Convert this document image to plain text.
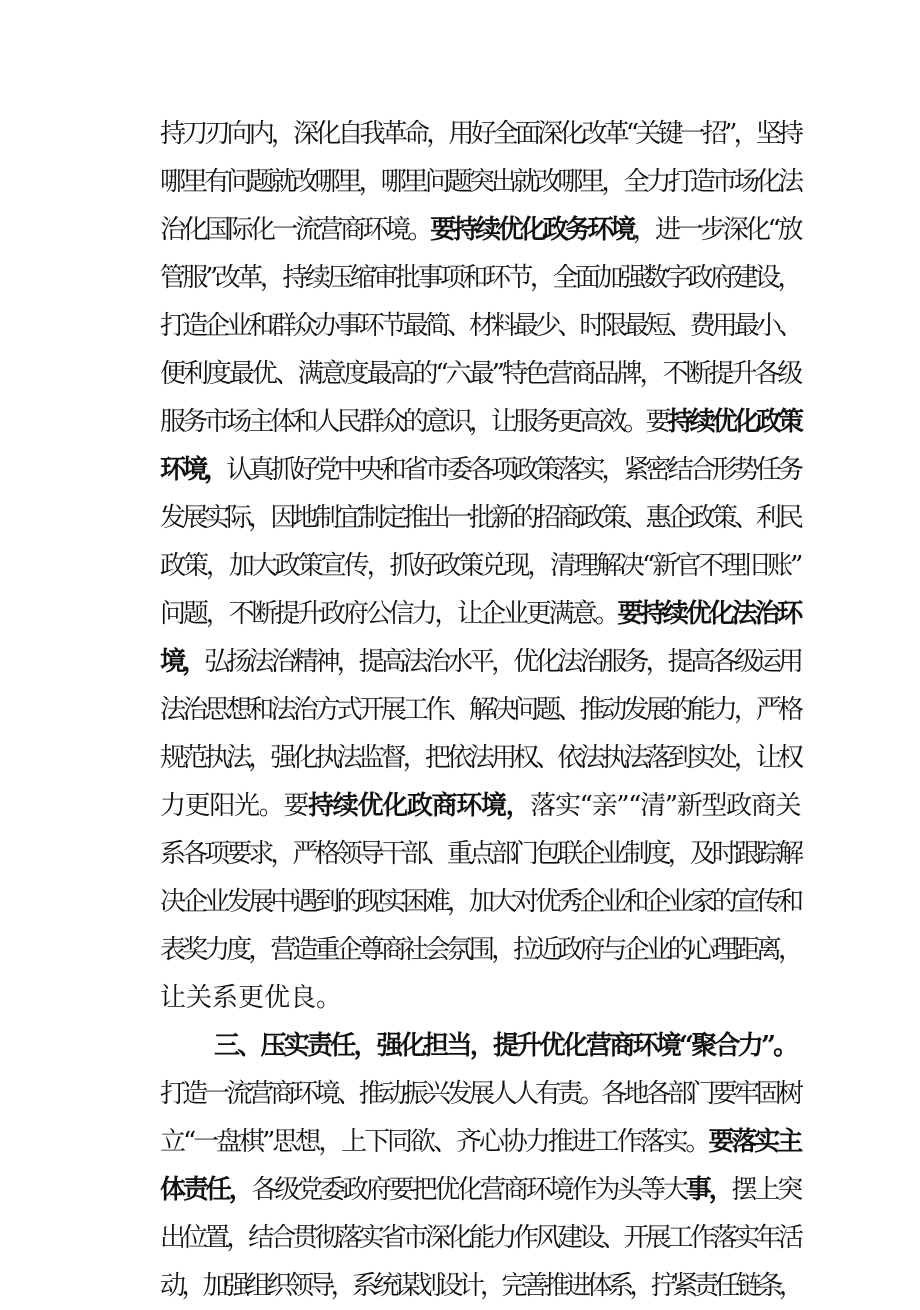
持刀刃向内，深化自我革命，用好全面深化改革“关键一招”，坚持
哪里有问题就改哪里，哪里问题突出就改哪里，全力打造市场化法
治化国际化一流营商环境。要持续优化政务环境，进一步深化“放
管服”改革，持续压缩审批事项和环节，全面加强数字政府建设，
打造企业和群众办事环节最简、材料最少、时限最短、费用最小、
便利度最优、满意度最高的“六最”特色营商品牌，不断提升各级
服务市场主体和人民群众的意识，让服务更高效。要持续优化政策
环境，认真抓好党中央和省市委各项政策落实，紧密结合形势任务
发展实际，因地制宜制定推出一批新的招商政策、惠企政策、利民
政策，加大政策宣传，抓好政策兑现，清理解决“新官不理旧账”
问题，不断提升政府公信力，让企业更满意。要持续优化法治环
境，弘扬法治精神，提高法治水平，优化法治服务，提高各级运用
法治思想和法治方式开展工作、解决问题、推动发展的能力，严格
规范执法，强化执法监督，把依法用权、依法执法落到实处，让权
力更阳光。要持续优化政商环境，落实“亲”“清”新型政商关
系各项要求，严格领导干部、重点部门包联企业制度，及时跟踪解
决企业发展中遇到的现实困难，加大对优秀企业和企业家的宣传和
表奖力度，营造重企尊商社会氛围，拉近政府与企业的心理距离，
让关系更优良。
三、压实责任，强化担当，提升优化营商环境“聚合力”。
打造一流营商环境、推动振兴发展人人有责。各地各部门要牢固树
立“一盘棋”思想，上下同欲、齐心协力推进工作落实。要落实主
体责任，各级党委政府要把优化营商环境作为头等大事，摆上突
出位置，结合贯彻落实省市深化能力作风建设、开展工作落实年活
动，加强组织领导，系统谋划设计，完善推进体系，拧紧责任链条，
